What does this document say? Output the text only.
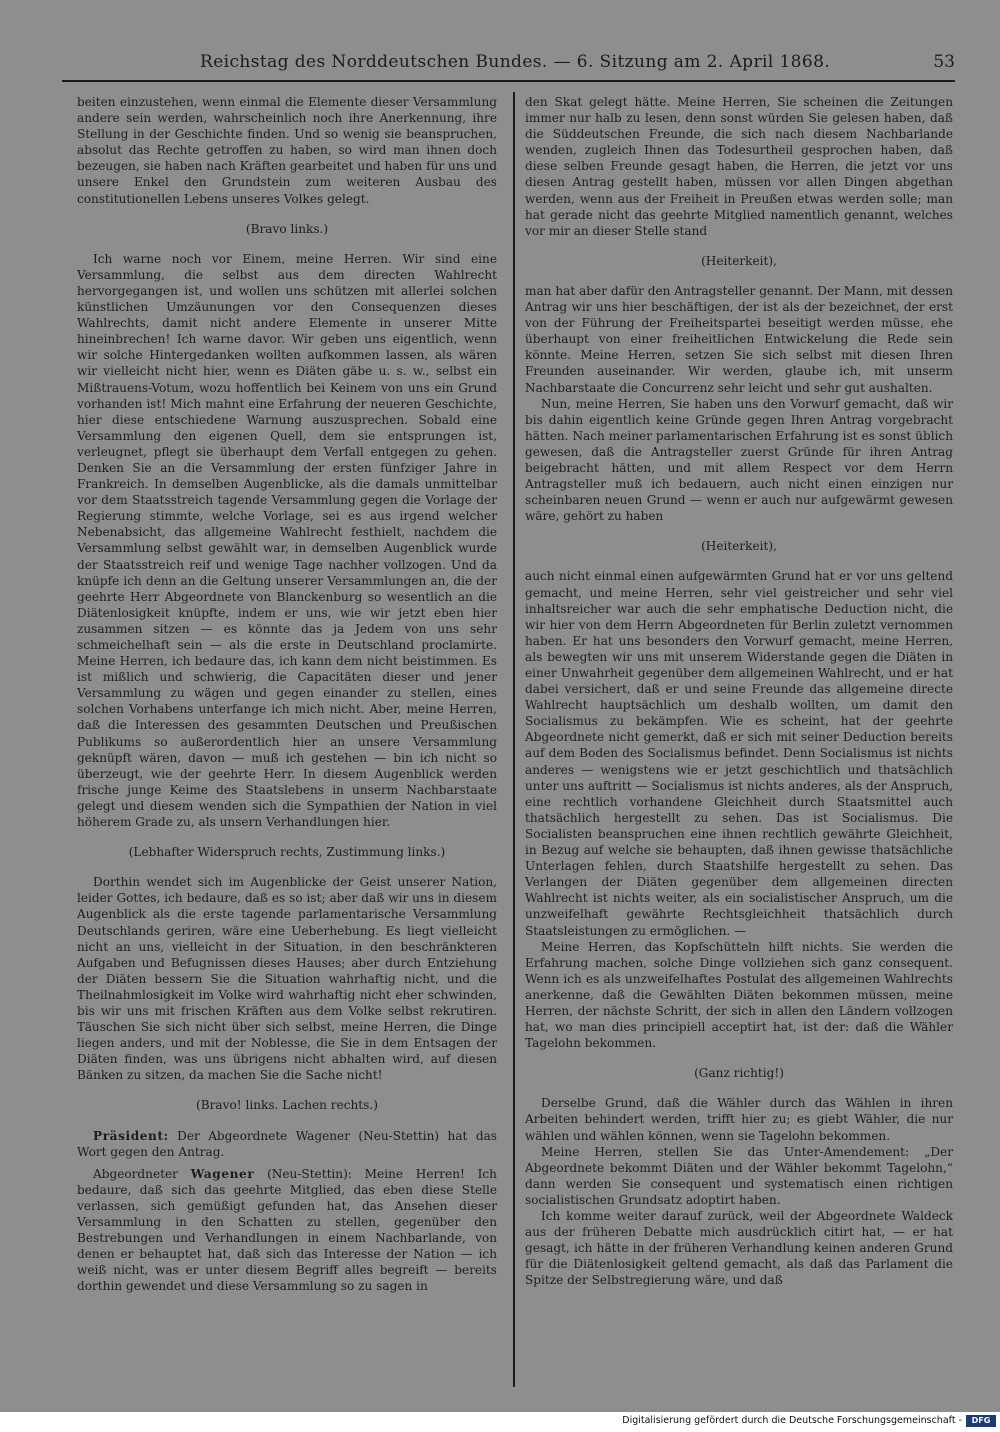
Reichstag des Norddeutschen Bundes. — 6. Sitzung am 2. April 1868.	53

beiten einzustehen, wenn einmal die Elemente dieser Versammlung andere sein werden, wahrscheinlich noch ihre Anerkennung, ihre Stellung in der Geschichte finden. Und so wenig sie beanspruchen, absolut das Rechte getroffen zu haben, so wird man ihnen doch bezeugen, sie haben nach Kräften gearbeitet und haben für uns und unsere Enkel den Grundstein zum weiteren Ausbau des constitutionellen Lebens unseres Volkes gelegt.

(Bravo links.)

Ich warne noch vor Einem, meine Herren. Wir sind eine Versammlung, die selbst aus dem directen Wahlrecht hervorgegangen ist, und wollen uns schützen mit allerlei solchen künstlichen Umzäunungen vor den Consequenzen dieses Wahlrechts, damit nicht andere Elemente in unserer Mitte hineinbrechen! Ich warne davor. Wir geben uns eigentlich, wenn wir solche Hintergedanken wollten aufkommen lassen, als wären wir vielleicht nicht hier, wenn es Diäten gäbe u. s. w., selbst ein Mißtrauens-Votum, wozu hoffentlich bei Keinem von uns ein Grund vorhanden ist! Mich mahnt eine Erfahrung der neueren Geschichte, hier diese entschiedene Warnung auszusprechen. Sobald eine Versammlung den eigenen Quell, dem sie entsprungen ist, verleugnet, pflegt sie überhaupt dem Verfall entgegen zu gehen. Denken Sie an die Versammlung der ersten fünfziger Jahre in Frankreich. In demselben Augenblicke, als die damals unmittelbar vor dem Staatsstreich tagende Versammlung gegen die Vorlage der Regierung stimmte, welche Vorlage, sei es aus irgend welcher Nebenabsicht, das allgemeine Wahlrecht festhielt, nachdem die Versammlung selbst gewählt war, in demselben Augenblick wurde der Staatsstreich reif und wenige Tage nachher vollzogen. Und da knüpfe ich denn an die Geltung unserer Versammlungen an, die der geehrte Herr Abgeordnete von Blanckenburg so wesentlich an die Diätenlosigkeit knüpfte, indem er uns, wie wir jetzt eben hier zusammen sitzen — es könnte das ja Jedem von uns sehr schmeichelhaft sein — als die erste in Deutschland proclamirte. Meine Herren, ich bedaure das, ich kann dem nicht beistimmen. Es ist mißlich und schwierig, die Capacitäten dieser und jener Versammlung zu wägen und gegen einander zu stellen, eines solchen Vorhabens unterfange ich mich nicht. Aber, meine Herren, daß die Interessen des gesammten Deutschen und Preußischen Publikums so außerordentlich hier an unsere Versammlung geknüpft wären, davon — muß ich gestehen — bin ich nicht so überzeugt, wie der geehrte Herr. In diesem Augenblick werden frische junge Keime des Staatslebens in unserm Nachbarstaate gelegt und diesem wenden sich die Sympathien der Nation in viel höherem Grade zu, als unsern Verhandlungen hier.

(Lebhafter Widerspruch rechts, Zustimmung links.)

Dorthin wendet sich im Augenblicke der Geist unserer Nation, leider Gottes, ich bedaure, daß es so ist; aber daß wir uns in diesem Augenblick als die erste tagende parlamentarische Versammlung Deutschlands geriren, wäre eine Ueberhebung. Es liegt vielleicht nicht an uns, vielleicht in der Situation, in den beschränkteren Aufgaben und Befugnissen dieses Hauses; aber durch Entziehung der Diäten bessern Sie die Situation wahrhaftig nicht, und die Theilnahmlosigkeit im Volke wird wahrhaftig nicht eher schwinden, bis wir uns mit frischen Kräften aus dem Volke selbst rekrutiren. Täuschen Sie sich nicht über sich selbst, meine Herren, die Dinge liegen anders, und mit der Noblesse, die Sie in dem Entsagen der Diäten finden, was uns übrigens nicht abhalten wird, auf diesen Bänken zu sitzen, da machen Sie die Sache nicht!

(Bravo! links. Lachen rechts.)

Präsident: Der Abgeordnete Wagener (Neu-Stettin) hat das Wort gegen den Antrag.

Abgeordneter Wagener (Neu-Stettin): Meine Herren! Ich bedaure, daß sich das geehrte Mitglied, das eben diese Stelle verlassen, sich gemüßigt gefunden hat, das Ansehen dieser Versammlung in den Schatten zu stellen, gegenüber den Bestrebungen und Verhandlungen in einem Nachbarlande, von denen er behauptet hat, daß sich das Interesse der Nation — ich weiß nicht, was er unter diesem Begriff alles begreift — bereits dorthin gewendet und diese Versammlung so zu sagen in

den Skat gelegt hätte. Meine Herren, Sie scheinen die Zeitungen immer nur halb zu lesen, denn sonst würden Sie gelesen haben, daß die Süddeutschen Freunde, die sich nach diesem Nachbarlande wenden, zugleich Ihnen das Todesurtheil gesprochen haben, daß diese selben Freunde gesagt haben, die Herren, die jetzt vor uns diesen Antrag gestellt haben, müssen vor allen Dingen abgethan werden, wenn aus der Freiheit in Preußen etwas werden solle; man hat gerade nicht das geehrte Mitglied namentlich genannt, welches vor mir an dieser Stelle stand

(Heiterkeit),

man hat aber dafür den Antragsteller genannt. Der Mann, mit dessen Antrag wir uns hier beschäftigen, der ist als der bezeichnet, der erst von der Führung der Freiheitspartei beseitigt werden müsse, ehe überhaupt von einer freiheitlichen Entwickelung die Rede sein könnte. Meine Herren, setzen Sie sich selbst mit diesen Ihren Freunden auseinander. Wir werden, glaube ich, mit unserm Nachbarstaate die Concurrenz sehr leicht und sehr gut aushalten.

Nun, meine Herren, Sie haben uns den Vorwurf gemacht, daß wir bis dahin eigentlich keine Gründe gegen Ihren Antrag vorgebracht hätten. Nach meiner parlamentarischen Erfahrung ist es sonst üblich gewesen, daß die Antragsteller zuerst Gründe für ihren Antrag beigebracht hätten, und mit allem Respect vor dem Herrn Antragsteller muß ich bedauern, auch nicht einen einzigen nur scheinbaren neuen Grund — wenn er auch nur aufgewärmt gewesen wäre, gehört zu haben

(Heiterkeit),

auch nicht einmal einen aufgewärmten Grund hat er vor uns geltend gemacht, und meine Herren, sehr viel geistreicher und sehr viel inhaltsreicher war auch die sehr emphatische Deduction nicht, die wir hier von dem Herrn Abgeordneten für Berlin zuletzt vernommen haben. Er hat uns besonders den Vorwurf gemacht, meine Herren, als bewegten wir uns mit unserem Widerstande gegen die Diäten in einer Unwahrheit gegenüber dem allgemeinen Wahlrecht, und er hat dabei versichert, daß er und seine Freunde das allgemeine directe Wahlrecht hauptsächlich um deshalb wollten, um damit den Socialismus zu bekämpfen. Wie es scheint, hat der geehrte Abgeordnete nicht gemerkt, daß er sich mit seiner Deduction bereits auf dem Boden des Socialismus befindet. Denn Socialismus ist nichts anderes — wenigstens wie er jetzt geschichtlich und thatsächlich unter uns auftritt — Socialismus ist nichts anderes, als der Anspruch, eine rechtlich vorhandene Gleichheit durch Staatsmittel auch thatsächlich hergestellt zu sehen. Das ist Socialismus. Die Socialisten beanspruchen eine ihnen rechtlich gewährte Gleichheit, in Bezug auf welche sie behaupten, daß ihnen gewisse thatsächliche Unterlagen fehlen, durch Staatshilfe hergestellt zu sehen. Das Verlangen der Diäten gegenüber dem allgemeinen directen Wahlrecht ist nichts weiter, als ein socialistischer Anspruch, um die unzweifelhaft gewährte Rechtsgleichheit thatsächlich durch Staatsleistungen zu ermöglichen. —

Meine Herren, das Kopfschütteln hilft nichts. Sie werden die Erfahrung machen, solche Dinge vollziehen sich ganz consequent. Wenn ich es als unzweifelhaftes Postulat des allgemeinen Wahlrechts anerkenne, daß die Gewählten Diäten bekommen müssen, meine Herren, der nächste Schritt, der sich in allen den Ländern vollzogen hat, wo man dies principiell acceptirt hat, ist der: daß die Wähler Tagelohn bekommen.

(Ganz richtig!)

Derselbe Grund, daß die Wähler durch das Wählen in ihren Arbeiten behindert werden, trifft hier zu; es giebt Wähler, die nur wählen und wählen können, wenn sie Tagelohn bekommen.

Meine Herren, stellen Sie das Unter-Amendement: „Der Abgeordnete bekommt Diäten und der Wähler bekommt Tagelohn,“ dann werden Sie consequent und systematisch einen richtigen socialistischen Grundsatz adoptirt haben.

Ich komme weiter darauf zurück, weil der Abgeordnete Waldeck aus der früheren Debatte mich ausdrücklich citirt hat, — er hat gesagt, ich hätte in der früheren Verhandlung keinen anderen Grund für die Diätenlosigkeit geltend gemacht, als daß das Parlament die Spitze der Selbstregierung wäre, und daß

Digitalisierung gefördert durch die Deutsche Forschungsgemeinschaft -	DFG
